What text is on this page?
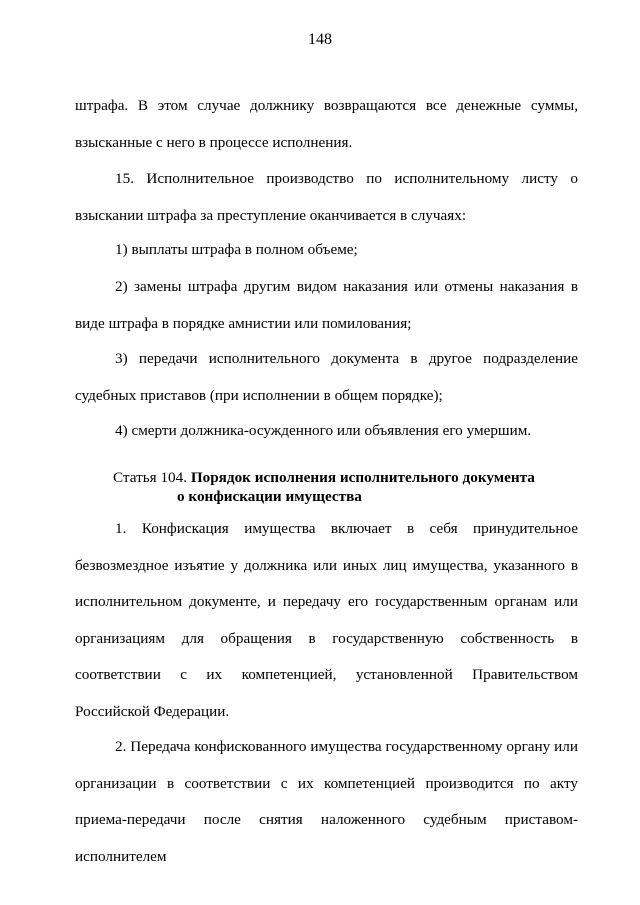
148

штрафа. В этом случае должнику возвращаются все денежные суммы, взысканные с него в процессе исполнения.

15. Исполнительное производство по исполнительному листу о взыскании штрафа за преступление оканчивается в случаях:

1) выплаты штрафа в полном объеме;

2) замены штрафа другим видом наказания или отмены наказания в виде штрафа в порядке амнистии или помилования;

3) передачи исполнительного документа в другое подразделение судебных приставов (при исполнении в общем порядке);

4) смерти должника-осужденного или объявления его умершим.

Статья 104. Порядок исполнения исполнительного документа
о конфискации имущества

1. Конфискация имущества включает в себя принудительное безвозмездное изъятие у должника или иных лиц имущества, указанного в исполнительном документе, и передачу его государственным органам или организациям для обращения в государственную собственность в соответствии с их компетенцией, установленной Правительством Российской Федерации.

2. Передача конфискованного имущества государственному органу или организации в соответствии с их компетенцией производится по акту приема-передачи после снятия наложенного судебным приставом-исполнителем
